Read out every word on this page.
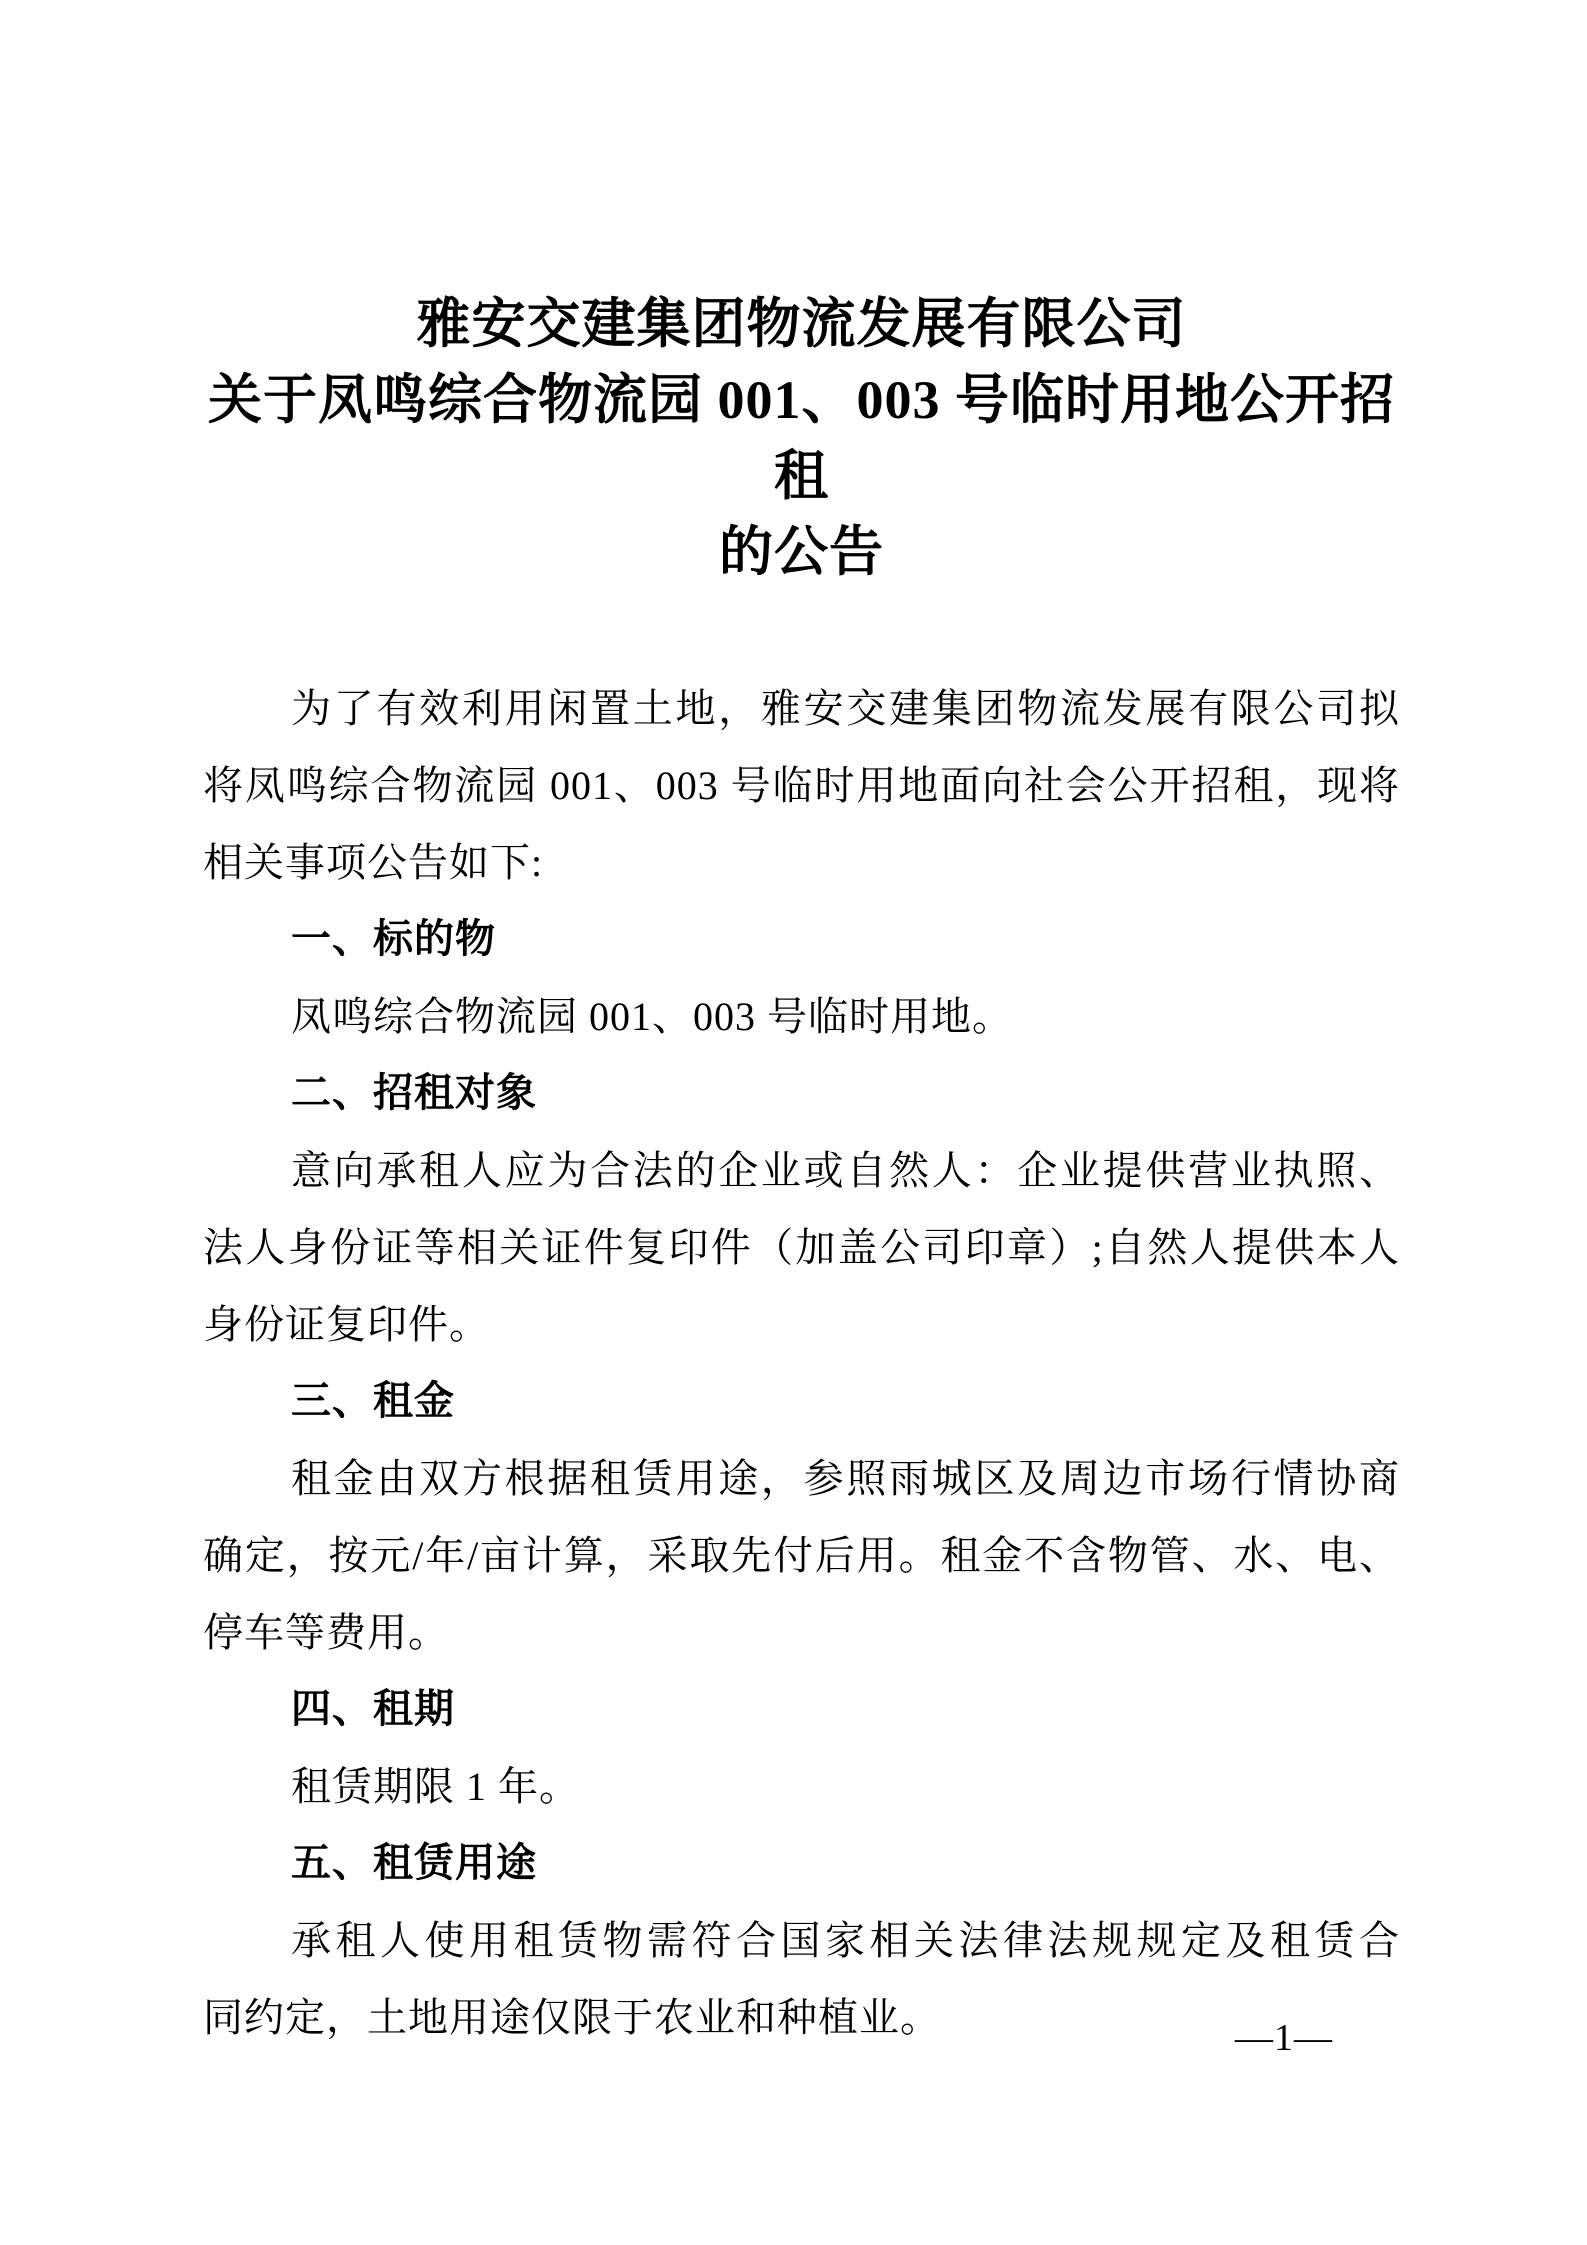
雅安交建集团物流发展有限公司
关于凤鸣综合物流园 001、003 号临时用地公开招租
的公告
为了有效利用闲置土地，雅安交建集团物流发展有限公司拟
将凤鸣综合物流园 001、003 号临时用地面向社会公开招租，现将
相关事项公告如下:
一、标的物
凤鸣综合物流园 001、003 号临时用地。
二、招租对象
意向承租人应为合法的企业或自然人：企业提供营业执照、
法人身份证等相关证件复印件（加盖公司印章）;自然人提供本人
身份证复印件。
三、租金
租金由双方根据租赁用途，参照雨城区及周边市场行情协商
确定，按元/年/亩计算，采取先付后用。租金不含物管、水、电、
停车等费用。
四、租期
租赁期限 1 年。
五、租赁用途
承租人使用租赁物需符合国家相关法律法规规定及租赁合
同约定，土地用途仅限于农业和种植业。	—1—
